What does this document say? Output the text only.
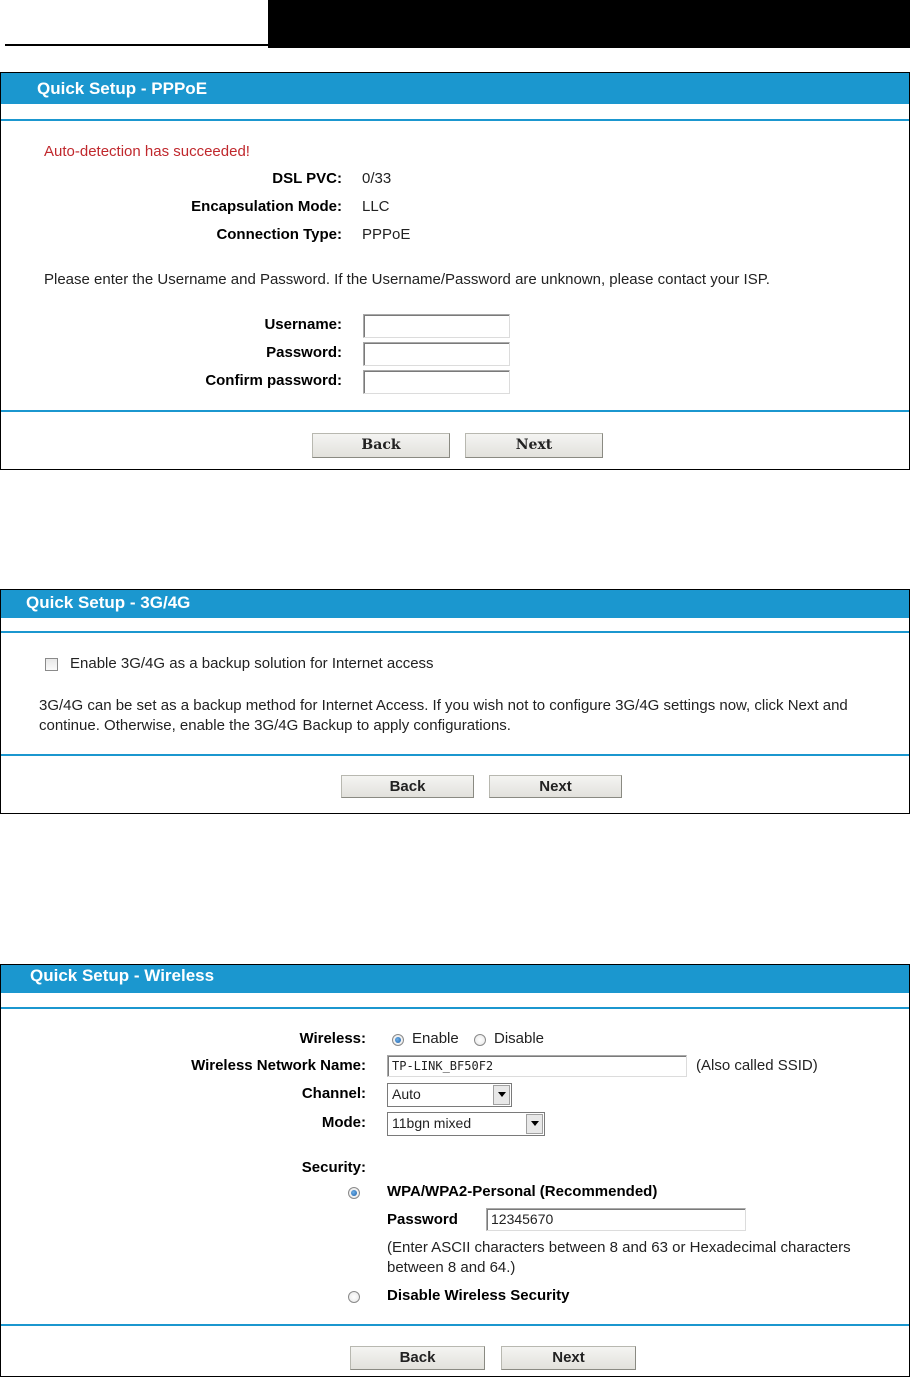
Quick Setup - PPPoE
Auto-detection has succeeded!
DSL PVC: 0/33
Encapsulation Mode: LLC
Connection Type: PPPoE
Please enter the Username and Password. If the Username/Password are unknown, please contact your ISP.
Username:
Password:
Confirm password:
Back	Next
Quick Setup - 3G/4G
Enable 3G/4G as a backup solution for Internet access
3G/4G can be set as a backup method for Internet Access. If you wish not to configure 3G/4G settings now, click Next and
continue. Otherwise, enable the 3G/4G Backup to apply configurations.
Back	Next
Quick Setup - Wireless
Wireless:	Enable Disable
Wireless Network Name:	TP-LINK_BF50F2	(Also called SSID)
Channel:	Auto
Mode:	11bgn mixed
Security:
WPA/WPA2-Personal (Recommended)
Password	12345670
(Enter ASCII characters between 8 and 63 or Hexadecimal characters
between 8 and 64.)
Disable Wireless Security
Back	Next
